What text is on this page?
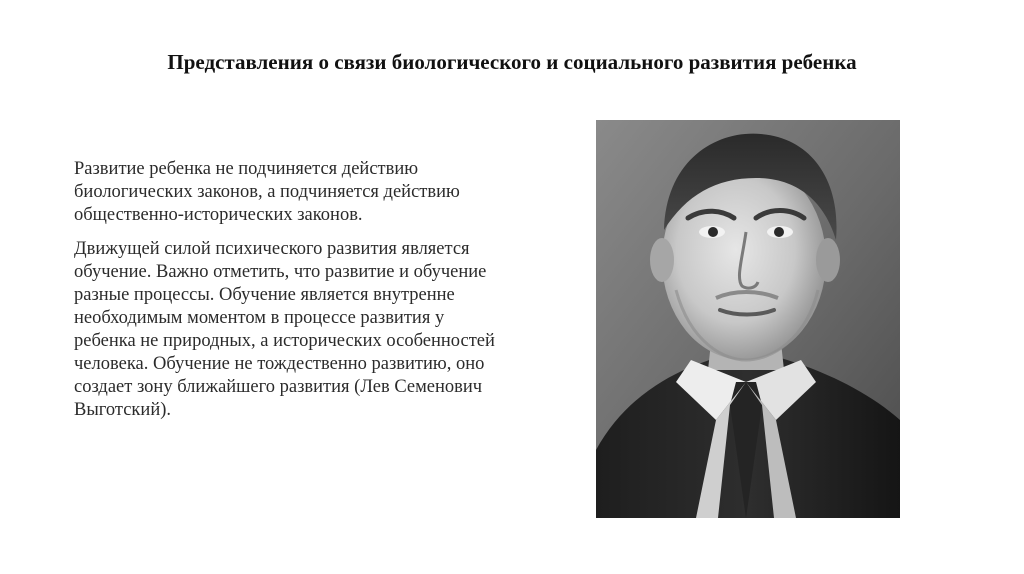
Представления о связи биологического и социального развития ребенка

Развитие ребенка не подчиняется действию биологических законов, а подчиняется действию общественно-исторических законов.

Движущей силой психического развития является обучение. Важно отметить, что развитие и обучение разные процессы. Обучение является внутренне необходимым моментом в процессе развития у ребенка не природных, а исторических особенностей человека. Обучение не тождественно развитию, оно создает зону ближайшего развития (Лев Семенович Выготский).
